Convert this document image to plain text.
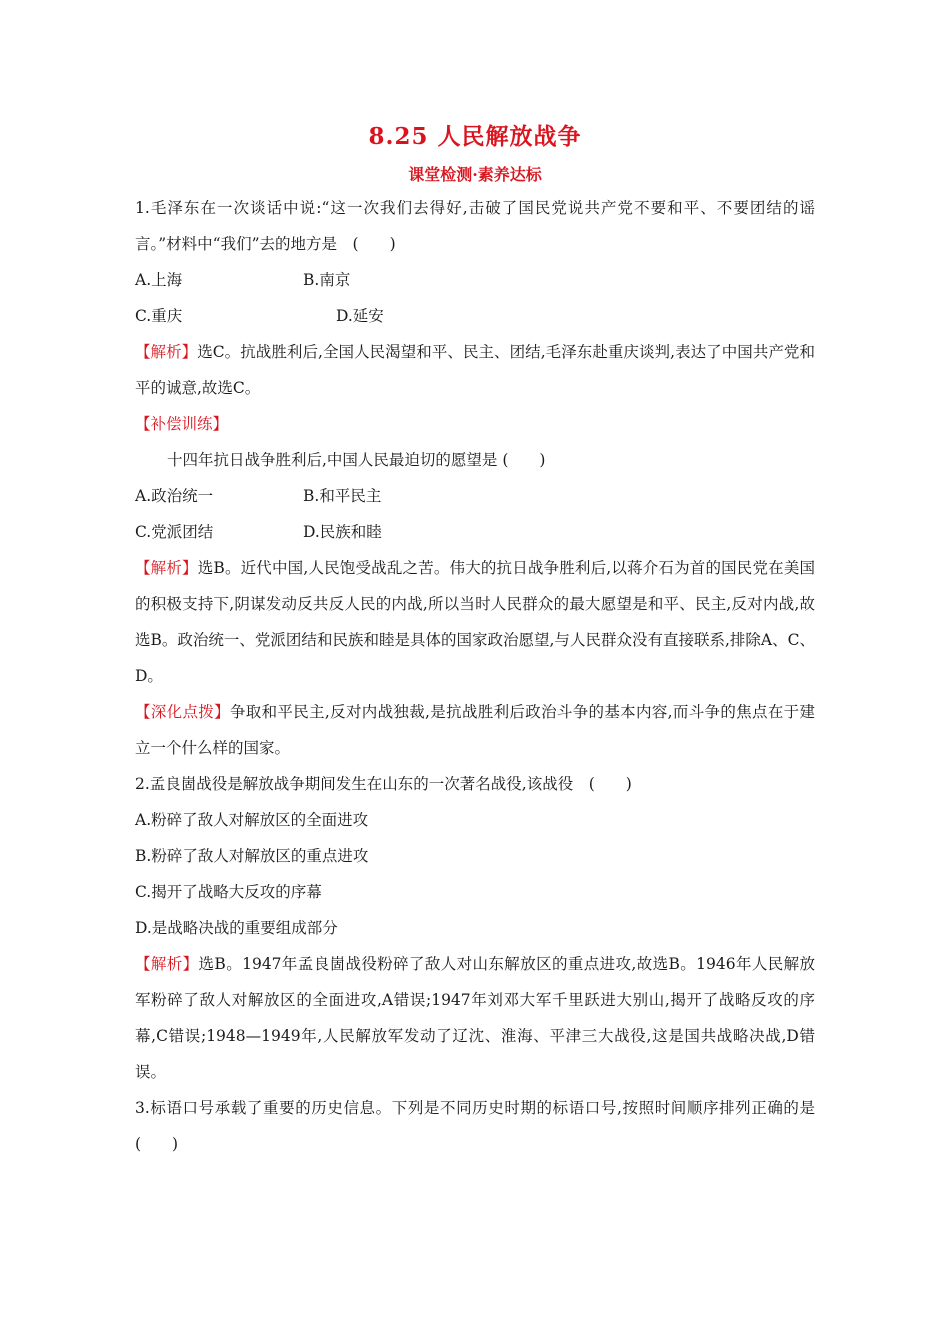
8.25 人民解放战争
课堂检测·素养达标

1.毛泽东在一次谈话中说:“这一次我们去得好,击破了国民党说共产党不要和平、不要团结的谣言。”材料中“我们”去的地方是　(　　)

A.上海	B.南京
C.重庆	D.延安

【解析】选C。抗战胜利后,全国人民渴望和平、民主、团结,毛泽东赴重庆谈判,表达了中国共产党和平的诚意,故选C。

【补偿训练】

十四年抗日战争胜利后,中国人民最迫切的愿望是 (　　)

A.政治统一	B.和平民主
C.党派团结	D.民族和睦

【解析】选B。近代中国,人民饱受战乱之苦。伟大的抗日战争胜利后,以蒋介石为首的国民党在美国的积极支持下,阴谋发动反共反人民的内战,所以当时人民群众的最大愿望是和平、民主,反对内战,故选B。政治统一、党派团结和民族和睦是具体的国家政治愿望,与人民群众没有直接联系,排除A、C、D。

【深化点拨】争取和平民主,反对内战独裁,是抗战胜利后政治斗争的基本内容,而斗争的焦点在于建立一个什么样的国家。

2.孟良崮战役是解放战争期间发生在山东的一次著名战役,该战役　(　　)

A.粉碎了敌人对解放区的全面进攻

B.粉碎了敌人对解放区的重点进攻

C.揭开了战略大反攻的序幕

D.是战略决战的重要组成部分

【解析】选B。1947年孟良崮战役粉碎了敌人对山东解放区的重点进攻,故选B。1946年人民解放军粉碎了敌人对解放区的全面进攻,A错误;1947年刘邓大军千里跃进大别山,揭开了战略反攻的序幕,C错误;1948—1949年,人民解放军发动了辽沈、淮海、平津三大战役,这是国共战略决战,D错误。

3.标语口号承载了重要的历史信息。下列是不同历史时期的标语口号,按照时间顺序排列正确的是　(　　)
